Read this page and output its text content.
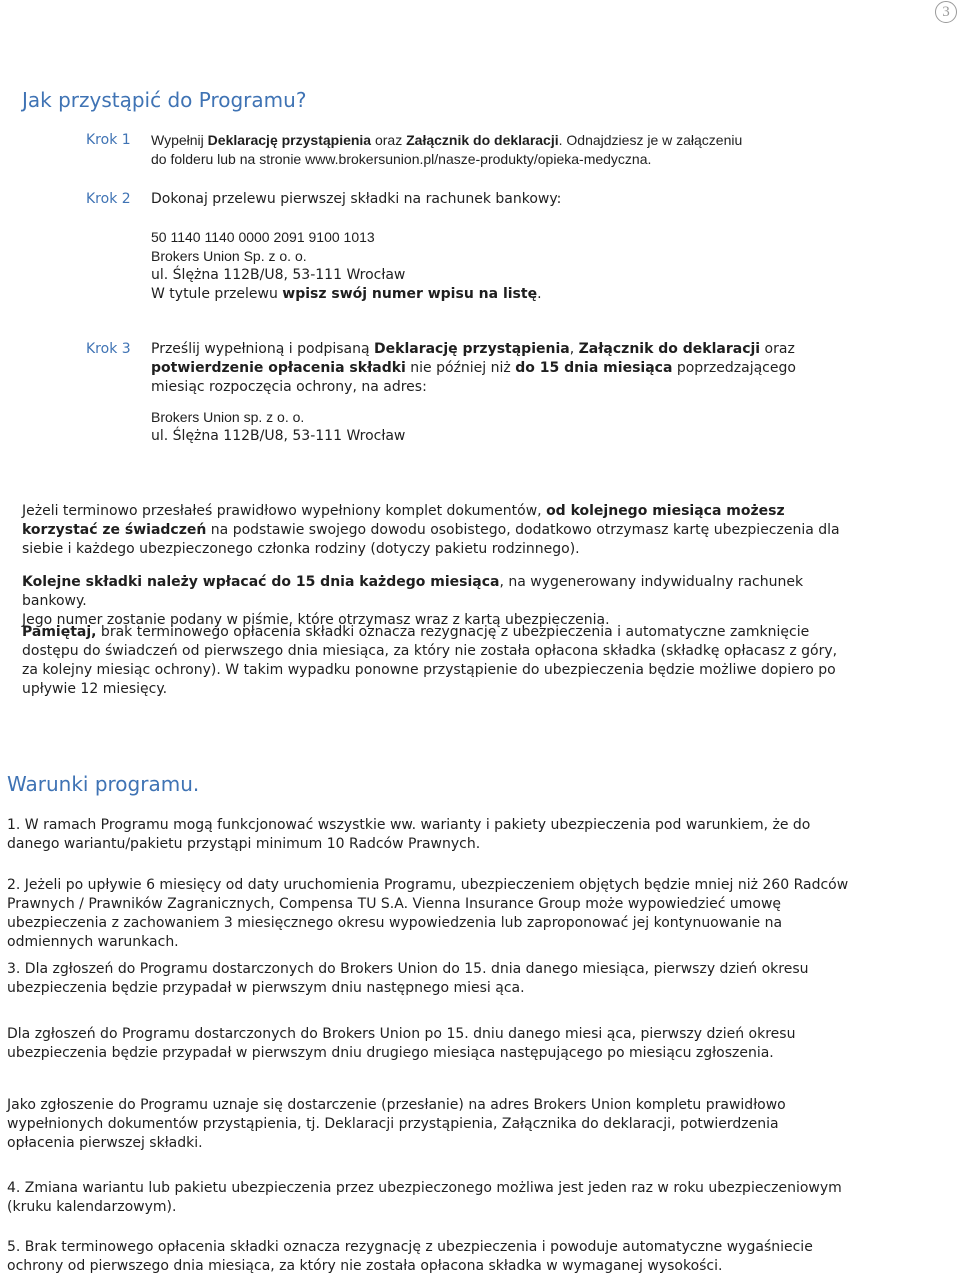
3
Jak przystąpić do Programu?
Krok 1 Wypełnij Deklarację przystąpienia oraz Załącznik do deklaracji. Odnajdziesz je w załączeniu

do folderu lub na stronie www.brokersunion.pl/nasze-produkty/opieka-medyczna.

Krok 2 Dokonaj przelewu pierwszej składki na rachunek bankowy:

50 1140 1140 0000 2091 9100 1013

Brokers Union Sp. z o. o.

ul. Ślężna 112B/U8, 53-111 Wrocław

W tytule przelewu wpisz swój numer wpisu na listę.

Krok 3 Prześlij wypełnioną i podpisaną Deklarację przystąpienia, Załącznik do deklaracji oraz potwierdzenie opłacenia składki nie później niż do 15 dnia miesiąca poprzedzającego miesiąc rozpoczęcia ochrony, na adres:

Brokers Union sp. z o. o.

ul. Ślężna 112B/U8, 53-111 Wrocław

Jeżeli terminowo przesłałeś prawidłowo wypełniony komplet dokumentów, od kolejnego miesiąca możesz korzystać ze świadczeń na podstawie swojego dowodu osobistego, dodatkowo otrzymasz kartę ubezpieczenia dla siebie i każdego ubezpieczonego członka rodziny (dotyczy pakietu rodzinnego).

Kolejne składki należy wpłacać do 15 dnia każdego miesiąca, na wygenerowany indywidualny rachunek bankowy.

Jego numer zostanie podany w piśmie, które otrzymasz wraz z kartą ubezpieczenia.

Pamiętaj, brak terminowego opłacenia składki oznacza rezygnację z ubezpieczenia i automatyczne zamknięcie dostępu do świadczeń od pierwszego dnia miesiąca, za który nie została opłacona składka (składkę opłacasz z góry, za kolejny miesiąc ochrony). W takim wypadku ponowne przystąpienie do ubezpieczenia będzie możliwe dopiero po upływie 12 miesięcy.

Warunki programu.
1. W ramach Programu mogą funkcjonować wszystkie ww. warianty i pakiety ubezpieczenia pod warunkiem, że do danego wariantu/pakietu przystąpi minimum 10 Radców Prawnych.
2. Jeżeli po upływie 6 miesięcy od daty uruchomienia Programu, ubezpieczeniem objętych będzie mniej niż 260 Radców Prawnych / Prawników Zagranicznych, Compensa TU S.A. Vienna Insurance Group może wypowiedzieć umowę ubezpieczenia z zachowaniem 3 miesięcznego okresu wypowiedzenia lub zaproponować jej kontynuowanie na odmiennych warunkach.
3. Dla zgłoszeń do Programu dostarczonych do Brokers Union do 15. dnia danego miesiąca, pierwszy dzień okresu ubezpieczenia będzie przypadał w pierwszym dniu następnego miesi ąca.
Dla zgłoszeń do Programu dostarczonych do Brokers Union po 15. dniu danego miesi ąca, pierwszy dzień okresu ubezpieczenia będzie przypadał w pierwszym dniu drugiego miesiąca następującego po miesiącu zgłoszenia.
Jako zgłoszenie do Programu uznaje się dostarczenie (przesłanie) na adres Brokers Union kompletu prawidłowo wypełnionych dokumentów przystąpienia, tj. Deklaracji przystąpienia, Załącznika do deklaracji, potwierdzenia opłacenia pierwszej składki.
4. Zmiana wariantu lub pakietu ubezpieczenia przez ubezpieczonego możliwa jest jeden raz w roku ubezpieczeniowym (kruku kalendarzowym).
5. Brak terminowego opłacenia składki oznacza rezygnację z ubezpieczenia i powoduje automatyczne wygaśniecie ochrony od pierwszego dnia miesiąca, za który nie została opłacona składka w wymaganej wysokości.
